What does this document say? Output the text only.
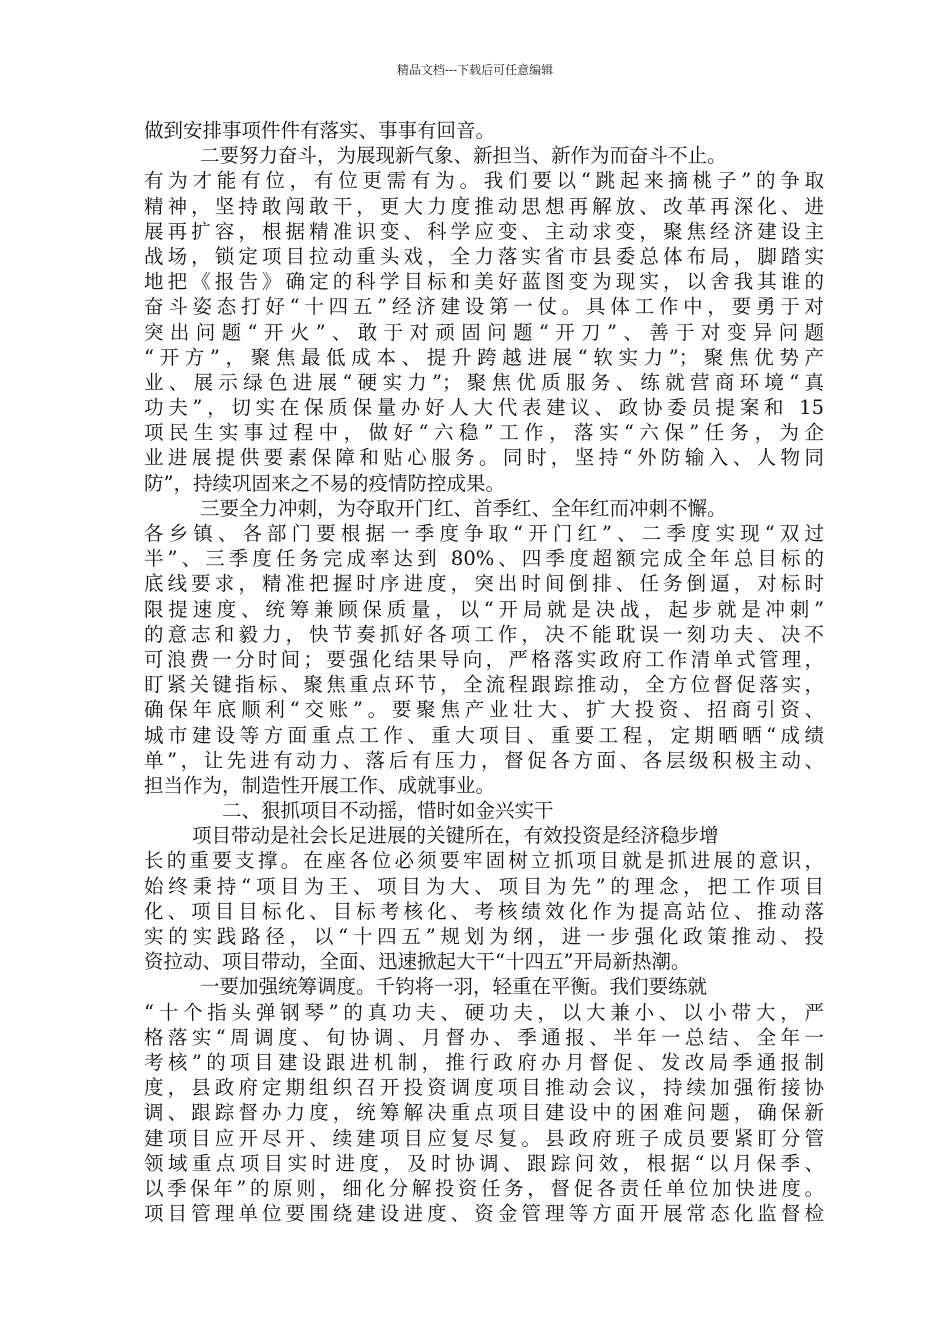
精品文档---下载后可任意编辑
做到安排事项件件有落实、事事有回音。
二要努力奋斗，为展现新气象、新担当、新作为而奋斗不止。
有为才能有位，有位更需有为。我们要以“跳起来摘桃子”的争取
精神，坚持敢闯敢干，更大力度推动思想再解放、改革再深化、进
展再扩容，根据精准识变、科学应变、主动求变，聚焦经济建设主
战场，锁定项目拉动重头戏，全力落实省市县委总体布局，脚踏实
地把《报告》确定的科学目标和美好蓝图变为现实，以舍我其谁的
奋斗姿态打好“十四五”经济建设第一仗。具体工作中，要勇于对
突出问题“开火”、敢于对顽固问题“开刀”、善于对变异问题
“开方”，聚焦最低成本、提升跨越进展“软实力”；聚焦优势产
业、展示绿色进展“硬实力”；聚焦优质服务、练就营商环境“真
功夫”，切实在保质保量办好人大代表建议、政协委员提案和 15
项民生实事过程中，做好“六稳”工作，落实“六保”任务，为企
业进展提供要素保障和贴心服务。同时，坚持“外防输入、人物同
防”，持续巩固来之不易的疫情防控成果。
三要全力冲刺，为夺取开门红、首季红、全年红而冲刺不懈。
各乡镇、各部门要根据一季度争取“开门红”、二季度实现“双过
半”、三季度任务完成率达到 80%、四季度超额完成全年总目标的
底线要求，精准把握时序进度，突出时间倒排、任务倒逼，对标时
限提速度、统筹兼顾保质量，以“开局就是决战，起步就是冲刺”
的意志和毅力，快节奏抓好各项工作，决不能耽误一刻功夫、决不
可浪费一分时间；要强化结果导向，严格落实政府工作清单式管理，
盯紧关键指标、聚焦重点环节，全流程跟踪推动，全方位督促落实，
确保年底顺利“交账”。要聚焦产业壮大、扩大投资、招商引资、
城市建设等方面重点工作、重大项目、重要工程，定期晒晒“成绩
单”，让先进有动力、落后有压力，督促各方面、各层级积极主动、
担当作为，制造性开展工作、成就事业。
二、狠抓项目不动摇，惜时如金兴实干
项目带动是社会长足进展的关键所在，有效投资是经济稳步增
长的重要支撑。在座各位必须要牢固树立抓项目就是抓进展的意识，
始终秉持“项目为王、项目为大、项目为先”的理念，把工作项目
化、项目目标化、目标考核化、考核绩效化作为提高站位、推动落
实的实践路径，以“十四五”规划为纲，进一步强化政策推动、投
资拉动、项目带动，全面、迅速掀起大干“十四五”开局新热潮。
一要加强统筹调度。千钧将一羽，轻重在平衡。我们要练就
“十个指头弹钢琴”的真功夫、硬功夫，以大兼小、以小带大，严
格落实“周调度、旬协调、月督办、季通报、半年一总结、全年一
考核”的项目建设跟进机制，推行政府办月督促、发改局季通报制
度，县政府定期组织召开投资调度项目推动会议，持续加强衔接协
调、跟踪督办力度，统筹解决重点项目建设中的困难问题，确保新
建项目应开尽开、续建项目应复尽复。县政府班子成员要紧盯分管
领域重点项目实时进度，及时协调、跟踪问效，根据“以月保季、
以季保年”的原则，细化分解投资任务，督促各责任单位加快进度。
项目管理单位要围绕建设进度、资金管理等方面开展常态化监督检
